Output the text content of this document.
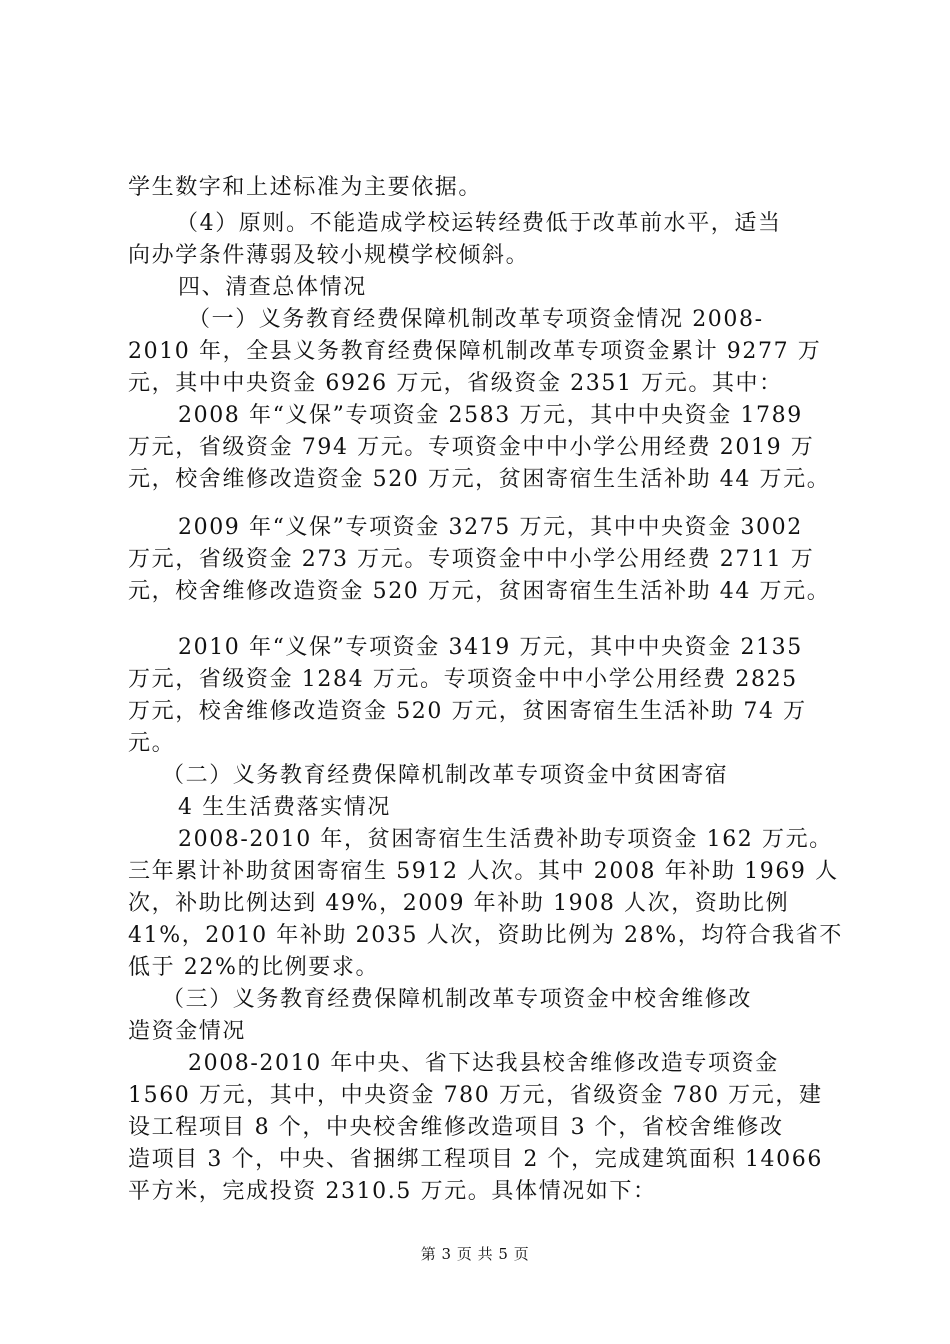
学生数字和上述标准为主要依据。
（4）原则。不能造成学校运转经费低于改革前水平，适当
向办学条件薄弱及较小规模学校倾斜。
四、清查总体情况
（一）义务教育经费保障机制改革专项资金情况 2008-
2010 年，全县义务教育经费保障机制改革专项资金累计 9277 万
元，其中中央资金 6926 万元，省级资金 2351 万元。其中：
2008 年“义保”专项资金 2583 万元，其中中央资金 1789
万元，省级资金 794 万元。专项资金中中小学公用经费 2019 万
元，校舍维修改造资金 520 万元，贫困寄宿生生活补助 44 万元。
2009 年“义保”专项资金 3275 万元，其中中央资金 3002
万元，省级资金 273 万元。专项资金中中小学公用经费 2711 万
元，校舍维修改造资金 520 万元，贫困寄宿生生活补助 44 万元。
2010 年“义保”专项资金 3419 万元，其中中央资金 2135
万元，省级资金 1284 万元。专项资金中中小学公用经费 2825
万元，校舍维修改造资金 520 万元，贫困寄宿生生活补助 74 万
元。
（二）义务教育经费保障机制改革专项资金中贫困寄宿
4 生生活费落实情况
2008-2010 年，贫困寄宿生生活费补助专项资金 162 万元。
三年累计补助贫困寄宿生 5912 人次。其中 2008 年补助 1969 人
次，补助比例达到 49%，2009 年补助 1908 人次，资助比例
41%，2010 年补助 2035 人次，资助比例为 28%，均符合我省不
低于 22%的比例要求。
（三）义务教育经费保障机制改革专项资金中校舍维修改
造资金情况
2008-2010 年中央、省下达我县校舍维修改造专项资金
1560 万元，其中，中央资金 780 万元，省级资金 780 万元，建
设工程项目 8 个，中央校舍维修改造项目 3 个，省校舍维修改
造项目 3 个，中央、省捆绑工程项目 2 个，完成建筑面积 14066
平方米，完成投资 2310.5 万元。具体情况如下：
第 3 页 共 5 页
